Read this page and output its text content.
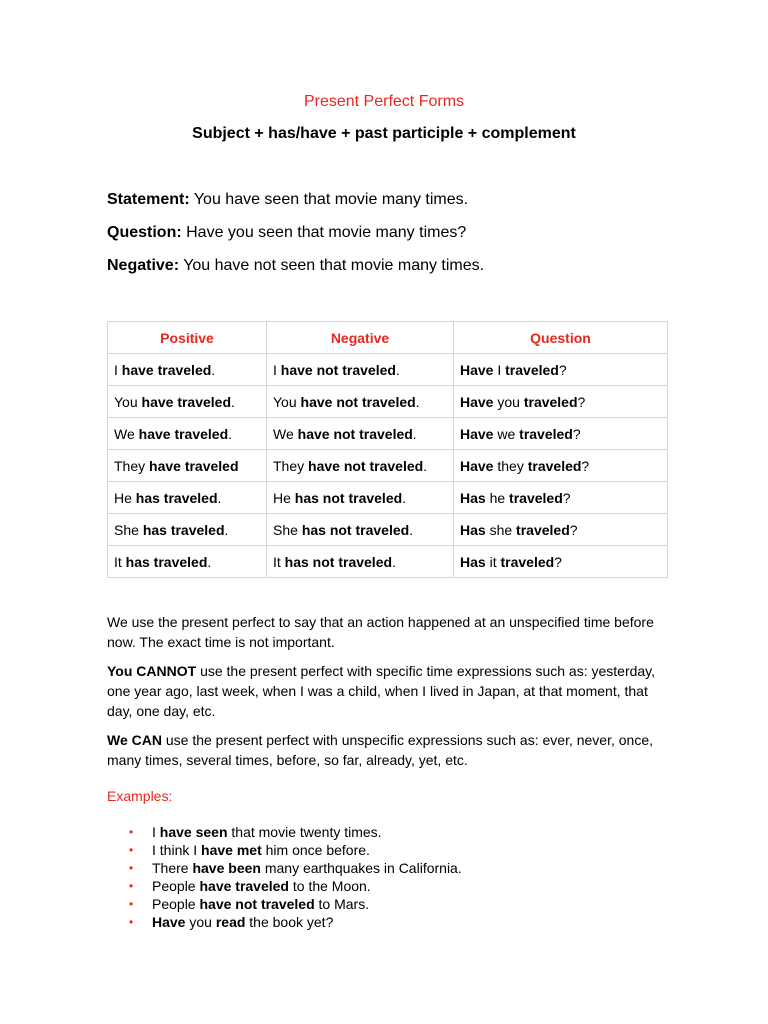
Present Perfect Forms
Subject + has/have + past participle + complement
Statement: You have seen that movie many times.
Question: Have you seen that movie many times?
Negative: You have not seen that movie many times.
Positive	Negative	Question
I have traveled.	I have not traveled.	Have I traveled?
You have traveled.	You have not traveled.	Have you traveled?
We have traveled.	We have not traveled.	Have we traveled?
They have traveled	They have not traveled.	Have they traveled?
He has traveled.	He has not traveled.	Has he traveled?
She has traveled.	She has not traveled.	Has she traveled?
It has traveled.	It has not traveled.	Has it traveled?
We use the present perfect to say that an action happened at an unspecified time before now. The exact time is not important.
You CANNOT use the present perfect with specific time expressions such as: yesterday, one year ago, last week, when I was a child, when I lived in Japan, at that moment, that day, one day, etc.
We CAN use the present perfect with unspecific expressions such as: ever, never, once, many times, several times, before, so far, already, yet, etc.
Examples:
• I have seen that movie twenty times.
• I think I have met him once before.
• There have been many earthquakes in California.
• People have traveled to the Moon.
• People have not traveled to Mars.
• Have you read the book yet?
